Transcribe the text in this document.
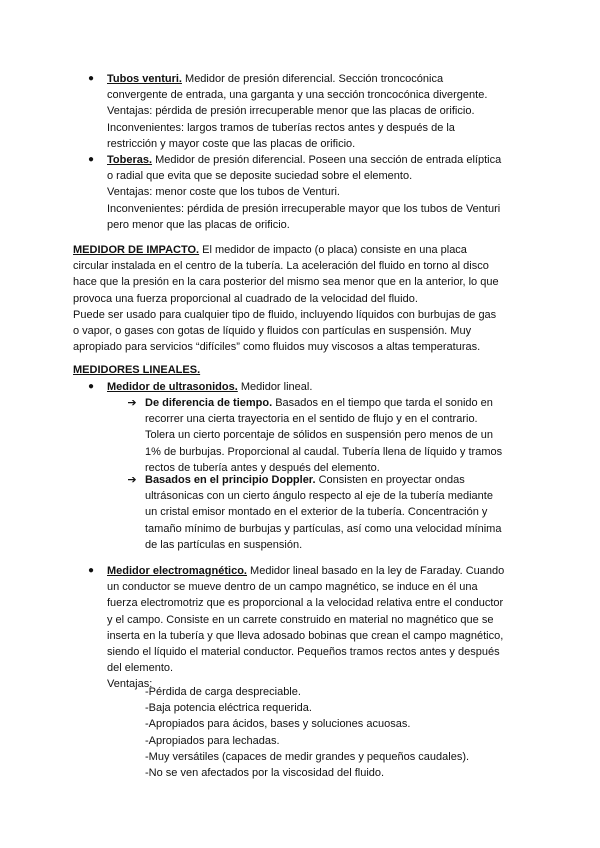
● Tubos venturi. Medidor de presión diferencial. Sección troncocónica
convergente de entrada, una garganta y una sección troncocónica divergente.
Ventajas: pérdida de presión irrecuperable menor que las placas de orificio.
Inconvenientes: largos tramos de tuberías rectos antes y después de la
restricción y mayor coste que las placas de orificio.
● Toberas. Medidor de presión diferencial. Poseen una sección de entrada elíptica
o radial que evita que se deposite suciedad sobre el elemento.
Ventajas: menor coste que los tubos de Venturi.
Inconvenientes: pérdida de presión irrecuperable mayor que los tubos de Venturi
pero menor que las placas de orificio.
MEDIDOR DE IMPACTO. El medidor de impacto (o placa) consiste en una placa
circular instalada en el centro de la tubería. La aceleración del fluido en torno al disco
hace que la presión en la cara posterior del mismo sea menor que en la anterior, lo que
provoca una fuerza proporcional al cuadrado de la velocidad del fluido.
Puede ser usado para cualquier tipo de fluido, incluyendo líquidos con burbujas de gas
o vapor, o gases con gotas de líquido y fluidos con partículas en suspensión. Muy
apropiado para servicios “difíciles” como fluidos muy viscosos a altas temperaturas.
MEDIDORES LINEALES.
● Medidor de ultrasonidos. Medidor lineal.
➔ De diferencia de tiempo. Basados en el tiempo que tarda el sonido en
recorrer una cierta trayectoria en el sentido de flujo y en el contrario.
Tolera un cierto porcentaje de sólidos en suspensión pero menos de un
1% de burbujas. Proporcional al caudal. Tubería llena de líquido y tramos
rectos de tubería antes y después del elemento.
➔ Basados en el principio Doppler. Consisten en proyectar ondas
ultrásonicas con un cierto ángulo respecto al eje de la tubería mediante
un cristal emisor montado en el exterior de la tubería. Concentración y
tamaño mínimo de burbujas y partículas, así como una velocidad mínima
de las partículas en suspensión.
● Medidor electromagnético. Medidor lineal basado en la ley de Faraday. Cuando
un conductor se mueve dentro de un campo magnético, se induce en él una
fuerza electromotriz que es proporcional a la velocidad relativa entre el conductor
y el campo. Consiste en un carrete construido en material no magnético que se
inserta en la tubería y que lleva adosado bobinas que crean el campo magnético,
siendo el líquido el material conductor. Pequeños tramos rectos antes y después
del elemento.
Ventajas:
-Pérdida de carga despreciable.
-Baja potencia eléctrica requerida.
-Apropiados para ácidos, bases y soluciones acuosas.
-Apropiados para lechadas.
-Muy versátiles (capaces de medir grandes y pequeños caudales).
-No se ven afectados por la viscosidad del fluido.
